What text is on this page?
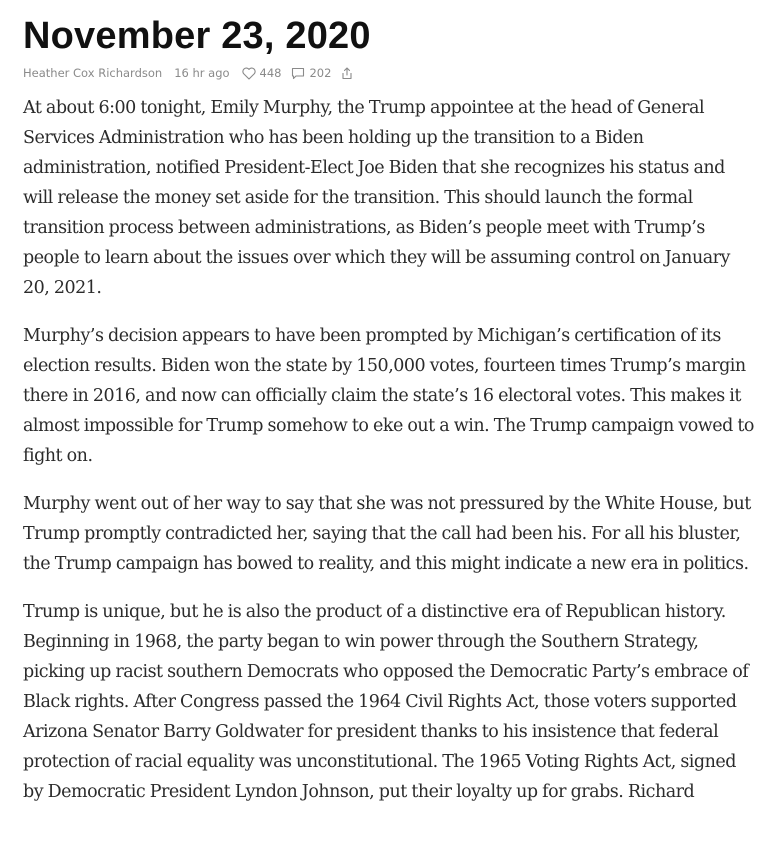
November 23, 2020
Heather Cox Richardson 16 hr ago	448 202

At about 6:00 tonight, Emily Murphy, the Trump appointee at the head of General Services Administration who has been holding up the transition to a Biden administration, notified President-Elect Joe Biden that she recognizes his status and will release the money set aside for the transition. This should launch the formal transition process between administrations, as Biden’s people meet with Trump’s people to learn about the issues over which they will be assuming control on January 20, 2021.

Murphy’s decision appears to have been prompted by Michigan’s certification of its election results. Biden won the state by 150,000 votes, fourteen times Trump’s margin there in 2016, and now can officially claim the state’s 16 electoral votes. This makes it almost impossible for Trump somehow to eke out a win. The Trump campaign vowed to fight on.

Murphy went out of her way to say that she was not pressured by the White House, but Trump promptly contradicted her, saying that the call had been his. For all his bluster, the Trump campaign has bowed to reality, and this might indicate a new era in politics.

Trump is unique, but he is also the product of a distinctive era of Republican history. Beginning in 1968, the party began to win power through the Southern Strategy, picking up racist southern Democrats who opposed the Democratic Party’s embrace of Black rights. After Congress passed the 1964 Civil Rights Act, those voters supported Arizona Senator Barry Goldwater for president thanks to his insistence that federal protection of racial equality was unconstitutional. The 1965 Voting Rights Act, signed by Democratic President Lyndon Johnson, put their loyalty up for grabs. Richard
